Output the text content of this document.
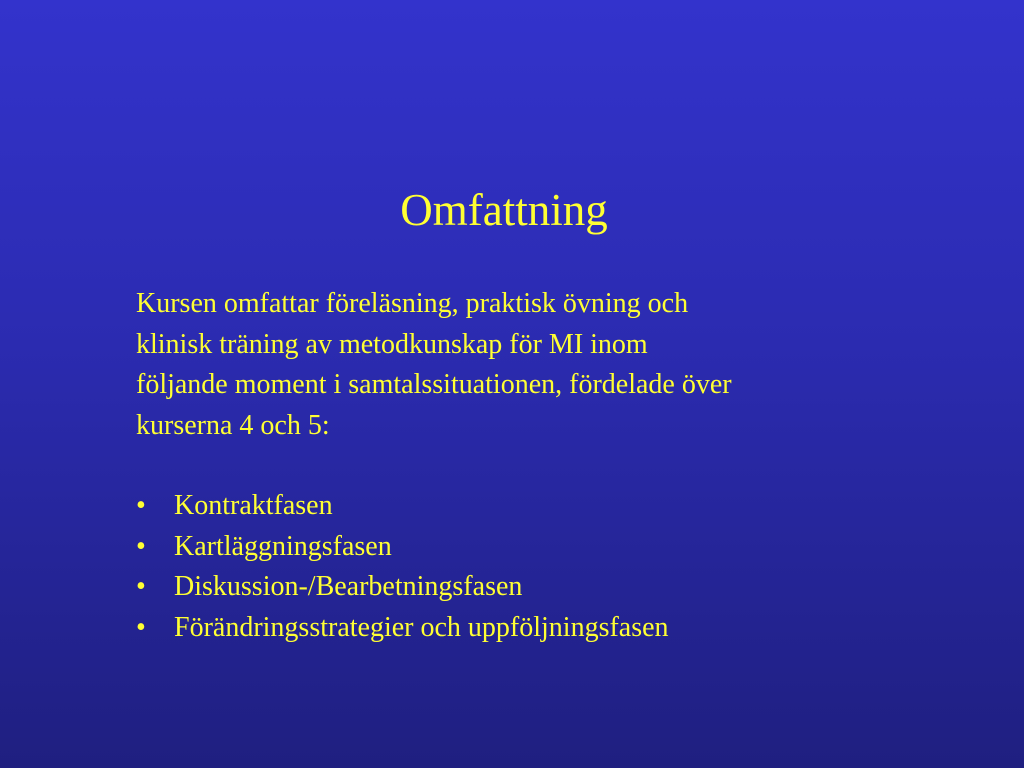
Omfattning
Kursen omfattar föreläsning, praktisk övning och
klinisk träning av metodkunskap för MI inom
följande moment i samtalssituationen, fördelade över
kurserna 4 och 5:
•	Kontraktfasen
•	Kartläggningsfasen
•	Diskussion-/Bearbetningsfasen
•	Förändringsstrategier och uppföljningsfasen
